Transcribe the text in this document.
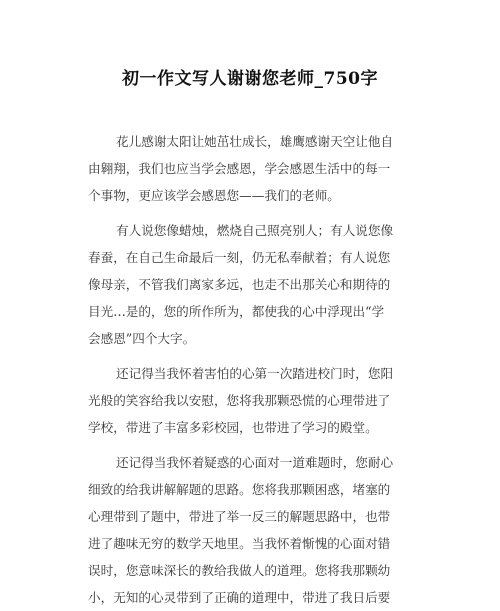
初一作文写人谢谢您老师_750字
花儿感谢太阳让她茁壮成长，雄鹰感谢天空让他自
由翱翔，我们也应当学会感恩，学会感恩生活中的每一
个事物，更应该学会感恩您——我们的老师。
有人说您像蜡烛，燃烧自己照亮别人；有人说您像
春蚕，在自己生命最后一刻，仍无私奉献着；有人说您
像母亲，不管我们离家多远，也走不出那关心和期待的
目光…是的，您的所作所为，都使我的心中浮现出“学
会感恩”四个大字。
还记得当我怀着害怕的心第一次踏进校门时，您阳
光般的笑容给我以安慰，您将我那颗恐慌的心理带进了
学校，带进了丰富多彩校园，也带进了学习的殿堂。
还记得当我怀着疑惑的心面对一道难题时，您耐心
细致的给我讲解解题的思路。您将我那颗困惑，堵塞的
心理带到了题中，带进了举一反三的解题思路中，也带
进了趣味无穷的数学天地里。当我怀着惭愧的心面对错
误时，您意味深长的教给我做人的道理。您将我那颗幼
小，无知的心灵带到了正确的道理中，带进了我日后要
